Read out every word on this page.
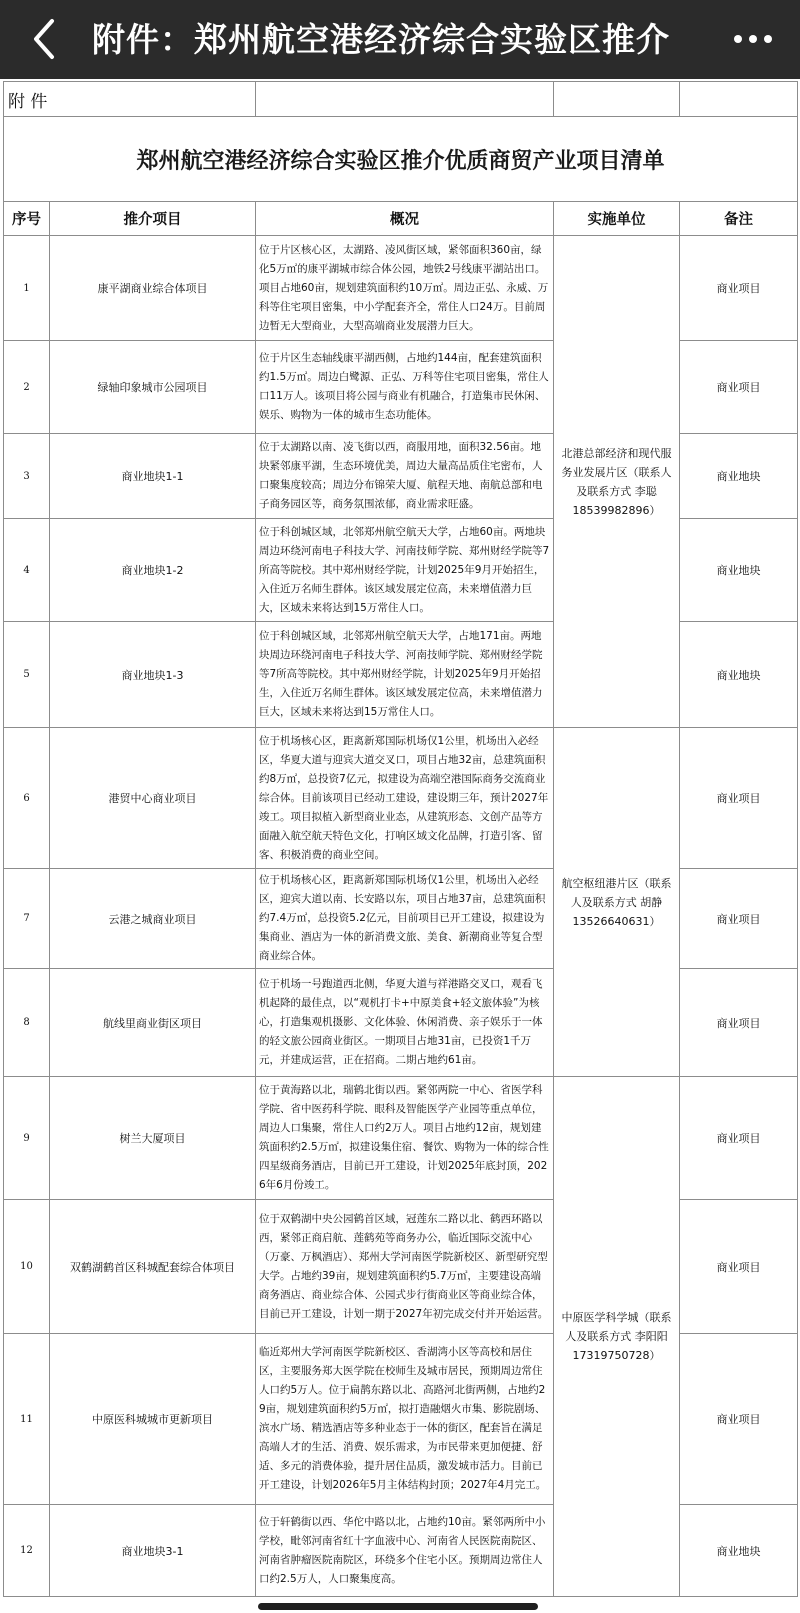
附件：郑州航空港经济综合实验区推介
附 件				
郑州航空港经济综合实验区推介优质商贸产业项目清单				
序号	推介项目	概况	实施单位	备注
1	康平湖商业综合体项目	位于片区核心区，太湖路、凌风街区域，紧邻面积360亩，绿化5万㎡的康平湖城市综合体公园，地铁2号线康平湖站出口。项目占地60亩，规划建筑面积约10万㎡。周边正弘、永威、万科等住宅项目密集，中小学配套齐全，常住人口24万。目前周边暂无大型商业，大型高端商业发展潜力巨大。	北港总部经济和现代服务业发展片区（联系人及联系方式 李聪18539982896）	商业项目
2	绿轴印象城市公园项目	位于片区生态轴线康平湖西侧，占地约144亩，配套建筑面积约1.5万㎡。周边白鹭源、正弘、万科等住宅项目密集，常住人口11万人。该项目将公园与商业有机融合，打造集市民休闲、娱乐、购物为一体的城市生态功能体。		商业项目
3	商业地块1-1	位于太湖路以南、凌飞街以西，商服用地，面积32.56亩。地块紧邻康平湖，生态环境优美，周边大量高品质住宅密布，人口聚集度较高；周边分布锦荣大厦、航程天地、南航总部和电子商务园区等，商务氛围浓郁，商业需求旺盛。		商业地块
4	商业地块1-2	位于科创城区域，北邻郑州航空航天大学，占地60亩。两地块周边环绕河南电子科技大学、河南技师学院、郑州财经学院等7所高等院校。其中郑州财经学院，计划2025年9月开始招生，入住近万名师生群体。该区域发展定位高，未来增值潜力巨大，区域未来将达到15万常住人口。		商业地块
5	商业地块1-3	位于科创城区域，北邻郑州航空航天大学，占地171亩。两地块周边环绕河南电子科技大学、河南技师学院、郑州财经学院等7所高等院校。其中郑州财经学院，计划2025年9月开始招生，入住近万名师生群体。该区域发展定位高，未来增值潜力巨大，区域未来将达到15万常住人口。		商业地块
6	港贸中心商业项目	位于机场核心区，距离新郑国际机场仅1公里，机场出入必经区，华夏大道与迎宾大道交叉口，项目占地32亩，总建筑面积约8万㎡，总投资7亿元，拟建设为高端空港国际商务交流商业综合体。目前该项目已经动工建设，建设期三年，预计2027年竣工。项目拟植入新型商业业态，从建筑形态、文创产品等方面融入航空航天特色文化，打响区域文化品牌，打造引客、留客、积极消费的商业空间。	航空枢纽港片区（联系人及联系方式 胡静13526640631）	商业项目
7	云港之城商业项目	位于机场核心区，距离新郑国际机场仅1公里，机场出入必经区，迎宾大道以南、长安路以东，项目占地37亩，总建筑面积约7.4万㎡，总投资5.2亿元，目前项目已开工建设，拟建设为集商业、酒店为一体的新消费文旅、美食、新潮商业等复合型商业综合体。		商业项目
8	航线里商业街区项目	位于机场一号跑道西北侧，华夏大道与祥港路交叉口，观看飞机起降的最佳点，以“观机打卡+中原美食+轻文旅体验”为核心，打造集观机摄影、文化体验、休闲消费、亲子娱乐于一体的轻文旅公园商业街区。一期项目占地31亩，已投资1千万元，并建成运营，正在招商。二期占地约61亩。		商业项目
9	树兰大厦项目	位于黄海路以北，瑞鹤北街以西。紧邻两院一中心、省医学科学院、省中医药科学院、眼科及智能医学产业园等重点单位，周边人口集聚，常住人口约2万人。项目占地约12亩，规划建筑面积约2.5万㎡，拟建设集住宿、餐饮、购物为一体的综合性四星级商务酒店，目前已开工建设，计划2025年底封顶，2026年6月份竣工。	中原医学科学城（联系人及联系方式 李阳阳17319750728）	商业项目
10	双鹤湖鹤首区科城配套综合体项目	位于双鹤湖中央公园鹤首区域，冠莲东二路以北、鹤西环路以西，紧邻正商启航、莲鹤苑等商务办公，临近国际交流中心（万豪、万枫酒店）、郑州大学河南医学院新校区、新型研究型大学。占地约39亩，规划建筑面积约5.7万㎡，主要建设高端商务酒店、商业综合体、公园式步行街商业区等商业综合体，目前已开工建设，计划一期于2027年初完成交付并开始运营。		商业项目
11	中原医科城城市更新项目	临近郑州大学河南医学院新校区、香湖湾小区等高校和居住区，主要服务郑大医学院在校师生及城市居民，预期周边常住人口约5万人。位于扁鹊东路以北、高路河北街两侧，占地约29亩，规划建筑面积约5万㎡，拟打造融烟火市集、影院剧场、滨水广场、精选酒店等多种业态于一体的街区，配套旨在满足高端人才的生活、消费、娱乐需求，为市民带来更加便捷、舒适、多元的消费体验，提升居住品质，激发城市活力。目前已开工建设，计划2026年5月主体结构封顶；2027年4月完工。		商业项目
12	商业地块3-1	位于轩鹤街以西、华佗中路以北，占地约10亩。紧邻两所中小学校，毗邻河南省红十字血液中心、河南省人民医院南院区、河南省肿瘤医院南院区，环绕多个住宅小区。预期周边常住人口约2.5万人，人口聚集度高。		商业地块
